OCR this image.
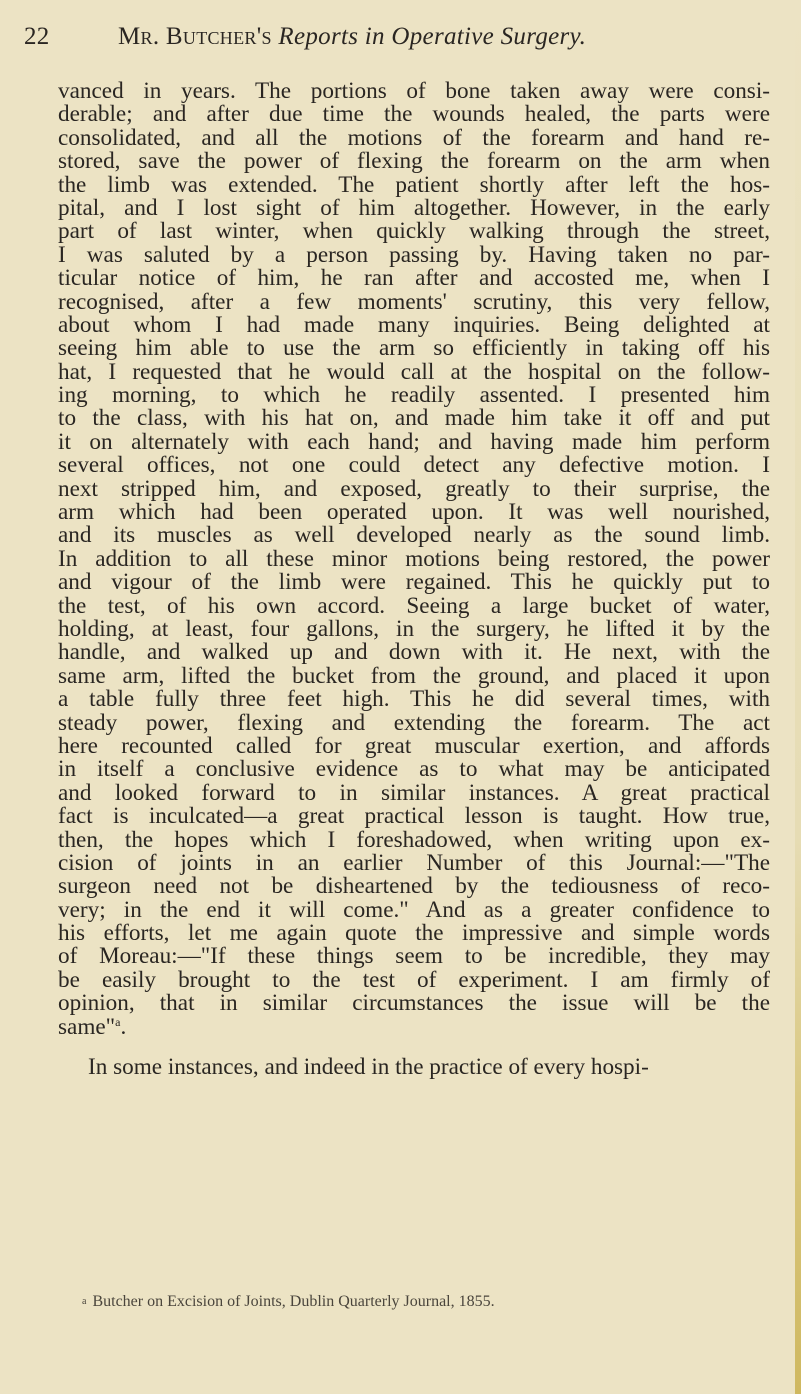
22	Mr. Butcher's Reports in Operative Surgery.
vanced in years. The portions of bone taken away were consi-
derable; and after due time the wounds healed, the parts were
consolidated, and all the motions of the forearm and hand re-
stored, save the power of flexing the forearm on the arm when
the limb was extended. The patient shortly after left the hos-
pital, and I lost sight of him altogether. However, in the early
part of last winter, when quickly walking through the street,
I was saluted by a person passing by. Having taken no par-
ticular notice of him, he ran after and accosted me, when I
recognised, after a few moments' scrutiny, this very fellow,
about whom I had made many inquiries. Being delighted at
seeing him able to use the arm so efficiently in taking off his
hat, I requested that he would call at the hospital on the follow-
ing morning, to which he readily assented. I presented him
to the class, with his hat on, and made him take it off and put
it on alternately with each hand; and having made him perform
several offices, not one could detect any defective motion. I
next stripped him, and exposed, greatly to their surprise, the
arm which had been operated upon. It was well nourished,
and its muscles as well developed nearly as the sound limb.
In addition to all these minor motions being restored, the power
and vigour of the limb were regained. This he quickly put to
the test, of his own accord. Seeing a large bucket of water,
holding, at least, four gallons, in the surgery, he lifted it by the
handle, and walked up and down with it. He next, with the
same arm, lifted the bucket from the ground, and placed it upon
a table fully three feet high. This he did several times, with
steady power, flexing and extending the forearm. The act
here recounted called for great muscular exertion, and affords
in itself a conclusive evidence as to what may be anticipated
and looked forward to in similar instances. A great practical
fact is inculcated—a great practical lesson is taught. How true,
then, the hopes which I foreshadowed, when writing upon ex-
cision of joints in an earlier Number of this Journal:—"The
surgeon need not be disheartened by the tediousness of reco-
very; in the end it will come." And as a greater confidence to
his efforts, let me again quote the impressive and simple words
of Moreau:—"If these things seem to be incredible, they may
be easily brought to the test of experiment. I am firmly of
opinion, that in similar circumstances the issue will be the
same"$^a$.
In some instances, and indeed in the practice of every hospi-
$^a$ Butcher on Excision of Joints, Dublin Quarterly Journal, 1855.
